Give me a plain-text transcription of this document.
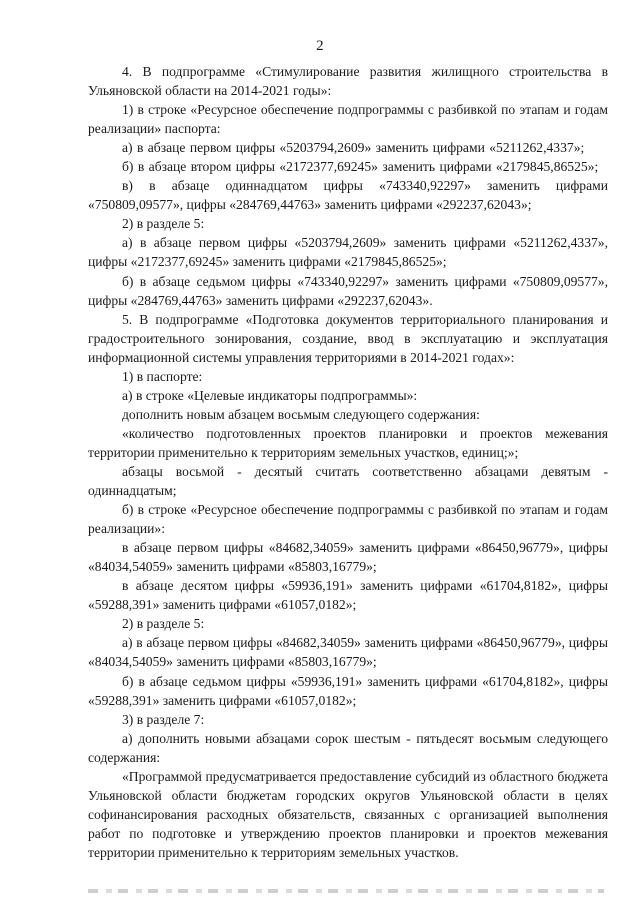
2

4. В подпрограмме «Стимулирование развития жилищного строительства в Ульяновской области на 2014-2021 годы»:

1) в строке «Ресурсное обеспечение подпрограммы с разбивкой по этапам и годам реализации» паспорта:

а) в абзаце первом цифры «5203794,2609» заменить цифрами «5211262,4337»;

б) в абзаце втором цифры «2172377,69245» заменить цифрами «2179845,86525»;

в) в абзаце одиннадцатом цифры «743340,92297» заменить цифрами «750809,09577», цифры «284769,44763» заменить цифрами «292237,62043»;

2) в разделе 5:

а) в абзаце первом цифры «5203794,2609» заменить цифрами «5211262,4337», цифры «2172377,69245» заменить цифрами «2179845,86525»;

б) в абзаце седьмом цифры «743340,92297» заменить цифрами «750809,09577», цифры «284769,44763» заменить цифрами «292237,62043».

5. В подпрограмме «Подготовка документов территориального планирования и градостроительного зонирования, создание, ввод в эксплуатацию и эксплуатация информационной системы управления территориями в 2014-2021 годах»:

1) в паспорте:

а) в строке «Целевые индикаторы подпрограммы»:

дополнить новым абзацем восьмым следующего содержания:

«количество подготовленных проектов планировки и проектов межевания территории применительно к территориям земельных участков, единиц;»;

абзацы восьмой - десятый считать соответственно абзацами девятым - одиннадцатым;

б) в строке «Ресурсное обеспечение подпрограммы с разбивкой по этапам и годам реализации»:

в абзаце первом цифры «84682,34059» заменить цифрами «86450,96779», цифры «84034,54059» заменить цифрами «85803,16779»;

в абзаце десятом цифры «59936,191» заменить цифрами «61704,8182», цифры «59288,391» заменить цифрами «61057,0182»;

2) в разделе 5:

а) в абзаце первом цифры «84682,34059» заменить цифрами «86450,96779», цифры «84034,54059» заменить цифрами «85803,16779»;

б) в абзаце седьмом цифры «59936,191» заменить цифрами «61704,8182», цифры «59288,391» заменить цифрами «61057,0182»;

3) в разделе 7:

а) дополнить новыми абзацами сорок шестым - пятьдесят восьмым следующего содержания:

«Программой предусматривается предоставление субсидий из областного бюджета Ульяновской области бюджетам городских округов Ульяновской области в целях софинансирования расходных обязательств, связанных с организацией выполнения работ по подготовке и утверждению проектов планировки и проектов межевания территории применительно к территориям земельных участков.
